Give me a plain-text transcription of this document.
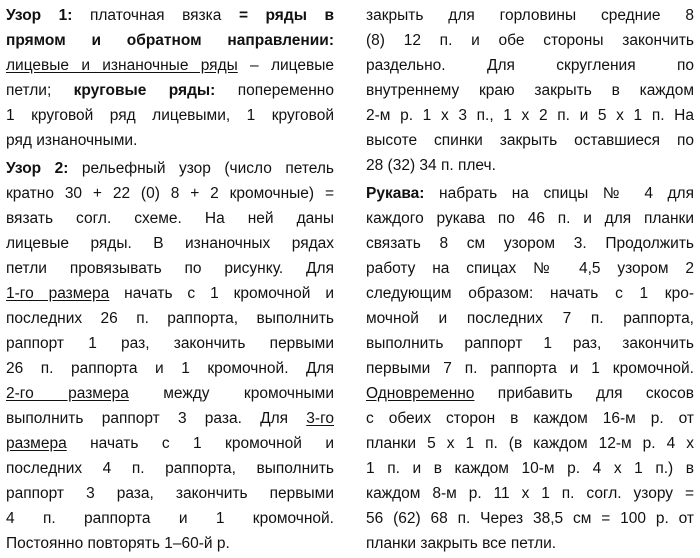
Узор 1: платочная вязка = ряды в
прямом и обратном направлении:
лицевые и изнаночные ряды – лицевые
петли; круговые ряды: попеременно
1 круговой ряд лицевыми, 1 круговой
ряд изнаночными.
Узор 2: рельефный узор (число петель
кратно 30 + 22 (0) 8 + 2 кромочные) =
вязать согл. схеме. На ней даны
лицевые ряды. В изнаночных рядах
петли провязывать по рисунку. Для
1-го размера начать с 1 кромочной и
последних 26 п. раппорта, выполнить
раппорт 1 раз, закончить первыми
26 п. раппорта и 1 кромочной. Для
2-го размера между кромочными
выполнить раппорт 3 раза. Для 3-го
размера начать с 1 кромочной и
последних 4 п. раппорта, выполнить
раппорт 3 раза, закончить первыми
4 п. раппорта и 1 кромочной.
Постоянно повторять 1–60-й р.
закрыть для горловины средние 8
(8) 12 п. и обе стороны закончить
раздельно. Для скругления по
внутреннему краю закрыть в каждом
2-м р. 1 х 3 п., 1 х 2 п. и 5 х 1 п. На
высоте спинки закрыть оставшиеся по
28 (32) 34 п. плеч.
Рукава: набрать на спицы № 4 для
каждого рукава по 46 п. и для планки
связать 8 см узором 3. Продолжить
работу на спицах № 4,5 узором 2
следующим образом: начать с 1 кро-
мочной и последних 7 п. раппорта,
выполнить раппорт 1 раз, закончить
первыми 7 п. раппорта и 1 кромочной.
Одновременно прибавить для скосов
с обеих сторон в каждом 16-м р. от
планки 5 х 1 п. (в каждом 12-м р. 4 х
1 п. и в каждом 10-м р. 4 х 1 п.) в
каждом 8-м р. 11 х 1 п. согл. узору =
56 (62) 68 п. Через 38,5 см = 100 р. от
планки закрыть все петли.
